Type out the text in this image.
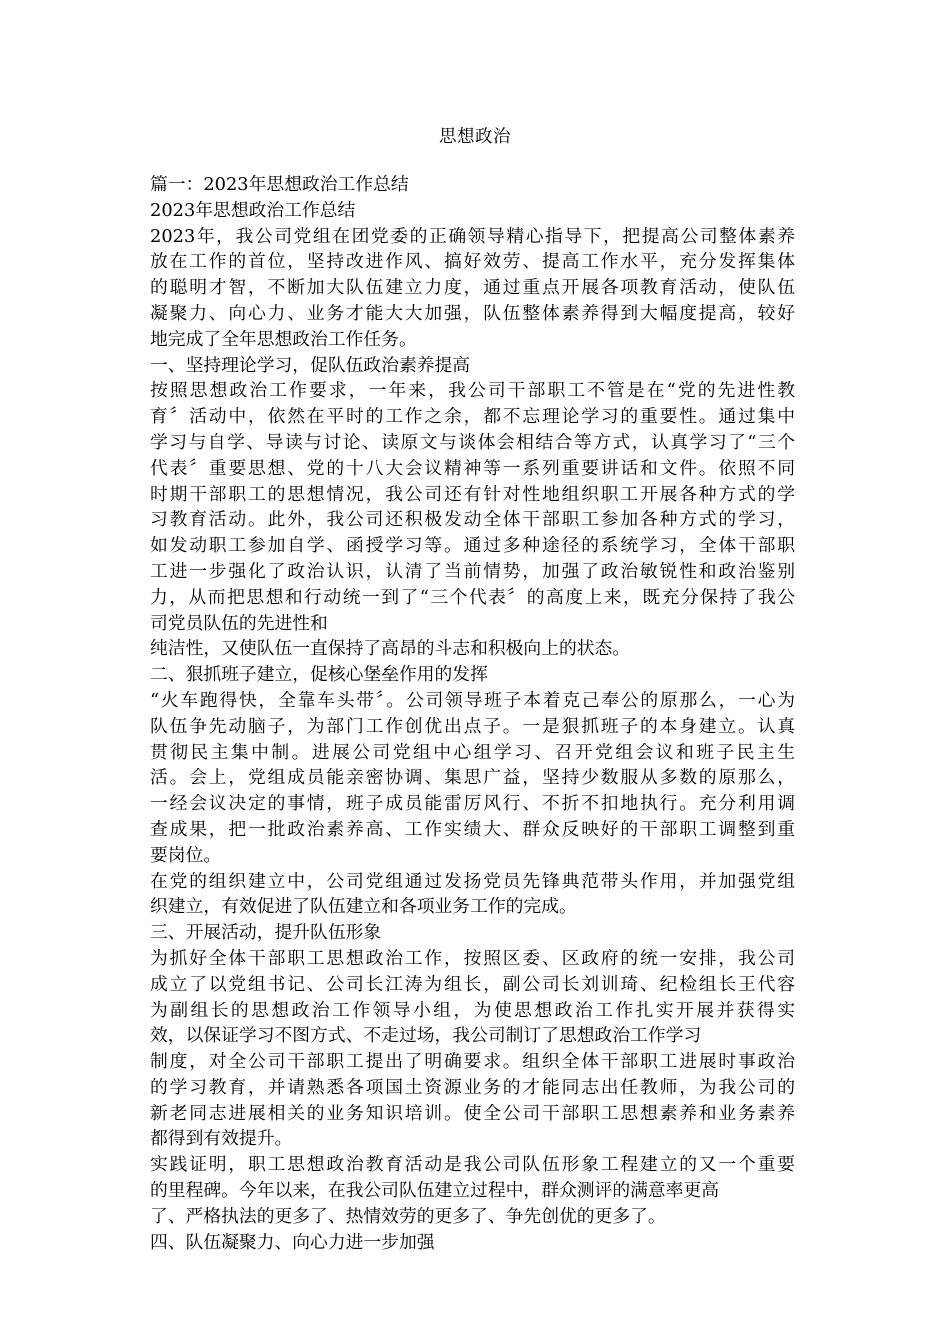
思想政治
篇一：2023年思想政治工作总结
2023年思想政治工作总结
2023年，我公司党组在团党委的正确领导精心指导下，把提高公司整体素养
放在工作的首位，坚持改进作风、搞好效劳、提高工作水平，充分发挥集体
的聪明才智，不断加大队伍建立力度，通过重点开展各项教育活动，使队伍
凝聚力、向心力、业务才能大大加强，队伍整体素养得到大幅度提高，较好
地完成了全年思想政治工作任务。
一、坚持理论学习，促队伍政治素养提高
按照思想政治工作要求，一年来，我公司干部职工不管是在“党的先进性教
育〞活动中，依然在平时的工作之余，都不忘理论学习的重要性。通过集中
学习与自学、导读与讨论、读原文与谈体会相结合等方式，认真学习了“三个
代表〞重要思想、党的十八大会议精神等一系列重要讲话和文件。依照不同
时期干部职工的思想情况，我公司还有针对性地组织职工开展各种方式的学
习教育活动。此外，我公司还积极发动全体干部职工参加各种方式的学习，
如发动职工参加自学、函授学习等。通过多种途径的系统学习，全体干部职
工进一步强化了政治认识，认清了当前情势，加强了政治敏锐性和政治鉴别
力，从而把思想和行动统一到了“三个代表〞的高度上来，既充分保持了我公
司党员队伍的先进性和
纯洁性，又使队伍一直保持了高昂的斗志和积极向上的状态。
二、狠抓班子建立，促核心堡垒作用的发挥
“火车跑得快，全靠车头带〞。公司领导班子本着克己奉公的原那么，一心为
队伍争先动脑子，为部门工作创优出点子。一是狠抓班子的本身建立。认真
贯彻民主集中制。进展公司党组中心组学习、召开党组会议和班子民主生
活。会上，党组成员能亲密协调、集思广益，坚持少数服从多数的原那么，
一经会议决定的事情，班子成员能雷厉风行、不折不扣地执行。充分利用调
查成果，把一批政治素养高、工作实绩大、群众反映好的干部职工调整到重
要岗位。
在党的组织建立中，公司党组通过发扬党员先锋典范带头作用，并加强党组
织建立，有效促进了队伍建立和各项业务工作的完成。
三、开展活动，提升队伍形象
为抓好全体干部职工思想政治工作，按照区委、区政府的统一安排，我公司
成立了以党组书记、公司长江涛为组长，副公司长刘训琦、纪检组长王代容
为副组长的思想政治工作领导小组，为使思想政治工作扎实开展并获得实
效，以保证学习不图方式、不走过场，我公司制订了思想政治工作学习
制度，对全公司干部职工提出了明确要求。组织全体干部职工进展时事政治
的学习教育，并请熟悉各项国土资源业务的才能同志出任教师，为我公司的
新老同志进展相关的业务知识培训。使全公司干部职工思想素养和业务素养
都得到有效提升。
实践证明，职工思想政治教育活动是我公司队伍形象工程建立的又一个重要
的里程碑。今年以来，在我公司队伍建立过程中，群众测评的满意率更高
了、严格执法的更多了、热情效劳的更多了、争先创优的更多了。
四、队伍凝聚力、向心力进一步加强
